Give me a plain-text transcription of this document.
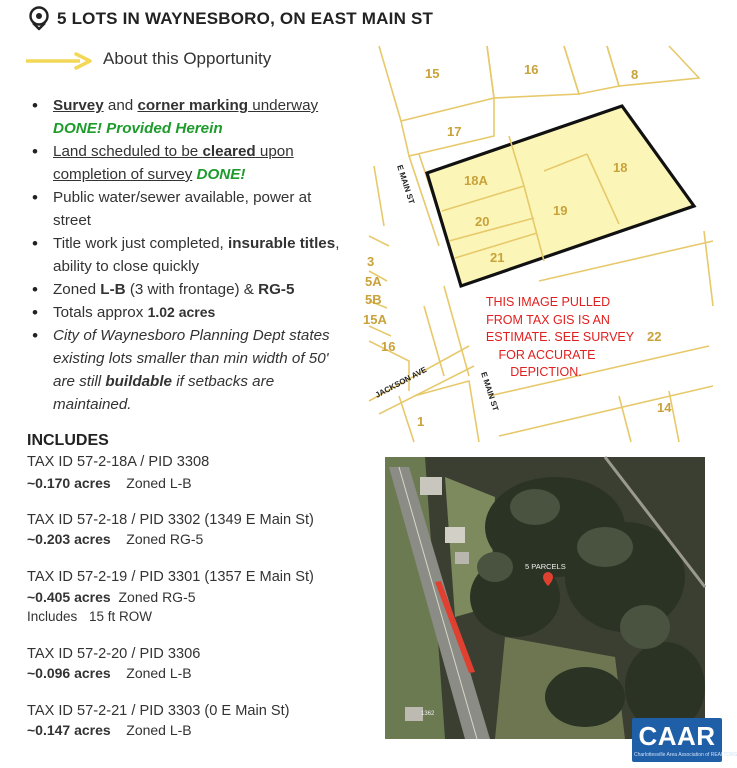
5 LOTS IN WAYNESBORO, ON EAST MAIN ST
About this Opportunity
• Survey and corner marking underway DONE! Provided Herein
• Land scheduled to be cleared upon completion of survey DONE!
• Public water/sewer available, power at street
• Title work just completed, insurable titles, ability to close quickly
• Zoned L-B (3 with frontage) & RG-5
• Totals approx 1.02 acres
• City of Waynesboro Planning Dept states existing lots smaller than min width of 50' are still buildable if setbacks are maintained.
INCLUDES
TAX ID 57-2-18A / PID 3308
~0.170 acres Zoned L-B
TAX ID 57-2-18 / PID 3302 (1349 E Main St)
~0.203 acres Zoned RG-5
TAX ID 57-2-19 / PID 3301 (1357 E Main St)
~0.405 acres Zoned RG-5
Includes 15 ft ROW
TAX ID 57-2-20 / PID 3306
~0.096 acres Zoned L-B
TAX ID 57-2-21 / PID 3303 (0 E Main St)
~0.147 acres Zoned L-B
15	16	8
17
18A
18
20
19
21
22
16
1
14
3
5A
5B
15A
E MAIN ST
E MAIN ST
JACKSON AVE
THIS IMAGE PULLED
FROM TAX GIS IS AN
ESTIMATE. SEE SURVEY
FOR ACCURATE
DEPICTION.
5 PARCELS
1362
CAAR
Charlottesville Area Association of REALTORS
